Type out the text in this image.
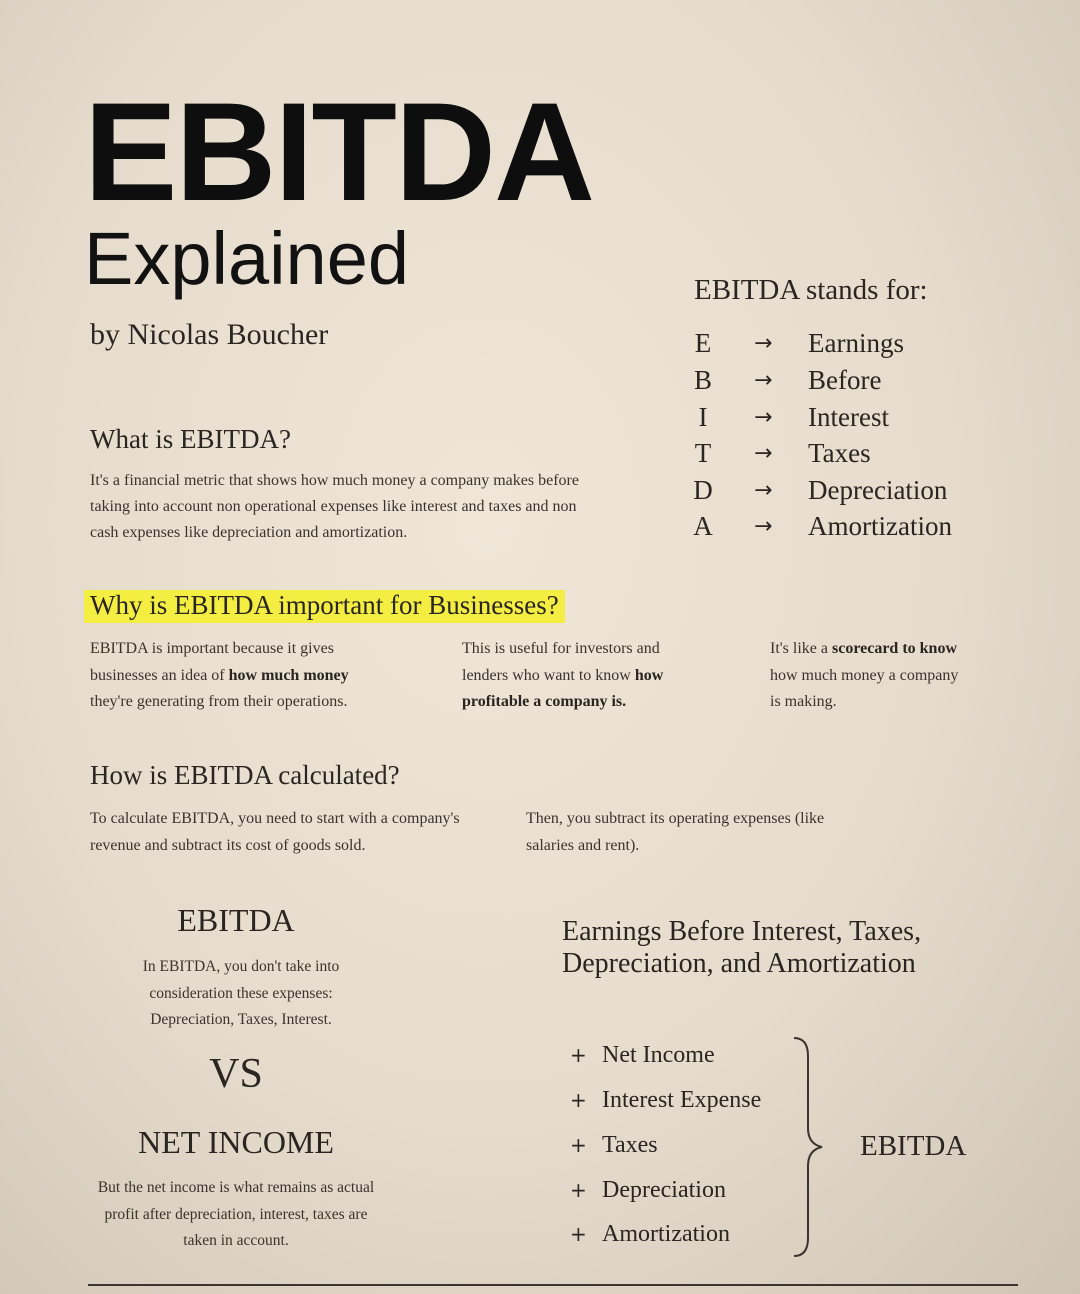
EBITDA
Explained
by Nicolas Boucher
EBITDA stands for:
E → Earnings
B → Before
I	→ Interest
T → Taxes
D → Depreciation
A → Amortization
What is EBITDA?
It's a financial metric that shows how much money a company makes before taking into account non operational expenses like interest and taxes and non cash expenses like depreciation and amortization.
Why is EBITDA important for Businesses?
EBITDA is important because it gives businesses an idea of how much money they're generating from their operations.
This is useful for investors and lenders who want to know how profitable a company is.
It's like a scorecard to know how much money a company is making.
How is EBITDA calculated?
To calculate EBITDA, you need to start with a company's revenue and subtract its cost of goods sold.
Then, you subtract its operating expenses (like salaries and rent).
EBITDA
In EBITDA, you don't take into consideration these expenses: Depreciation, Taxes, Interest.
VS
NET INCOME
But the net income is what remains as actual profit after depreciation, interest, taxes are taken in account.
Earnings Before Interest, Taxes, Depreciation, and Amortization
+ Net Income
+ Interest Expense
+ Taxes
+ Depreciation
+ Amortization
EBITDA
